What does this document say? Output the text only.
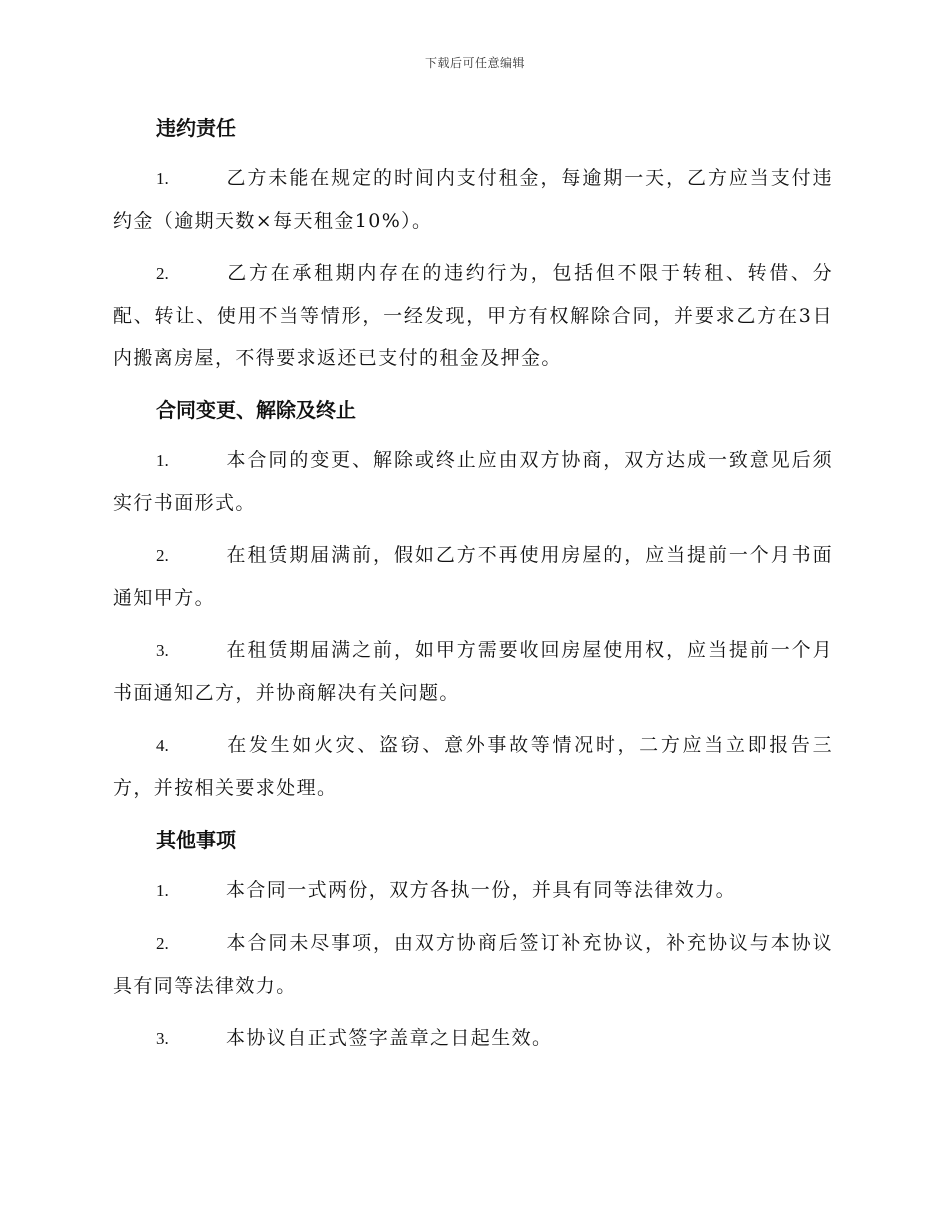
下载后可任意编辑
违约责任

1.	乙方未能在规定的时间内支付租金，每逾期一天，乙方应当支付违约金（逾期天数×每天租金10%）。

2.	乙方在承租期内存在的违约行为，包括但不限于转租、转借、分配、转让、使用不当等情形，一经发现，甲方有权解除合同，并要求乙方在3日内搬离房屋，不得要求返还已支付的租金及押金。

合同变更、解除及终止

1.	本合同的变更、解除或终止应由双方协商，双方达成一致意见后须实行书面形式。

2.	在租赁期届满前，假如乙方不再使用房屋的，应当提前一个月书面通知甲方。

3.	在租赁期届满之前，如甲方需要收回房屋使用权，应当提前一个月书面通知乙方，并协商解决有关问题。

4.	在发生如火灾、盗窃、意外事故等情况时，二方应当立即报告三方，并按相关要求处理。

其他事项

1.	本合同一式两份，双方各执一份，并具有同等法律效力。

2.	本合同未尽事项，由双方协商后签订补充协议，补充协议与本协议具有同等法律效力。

3.	本协议自正式签字盖章之日起生效。
